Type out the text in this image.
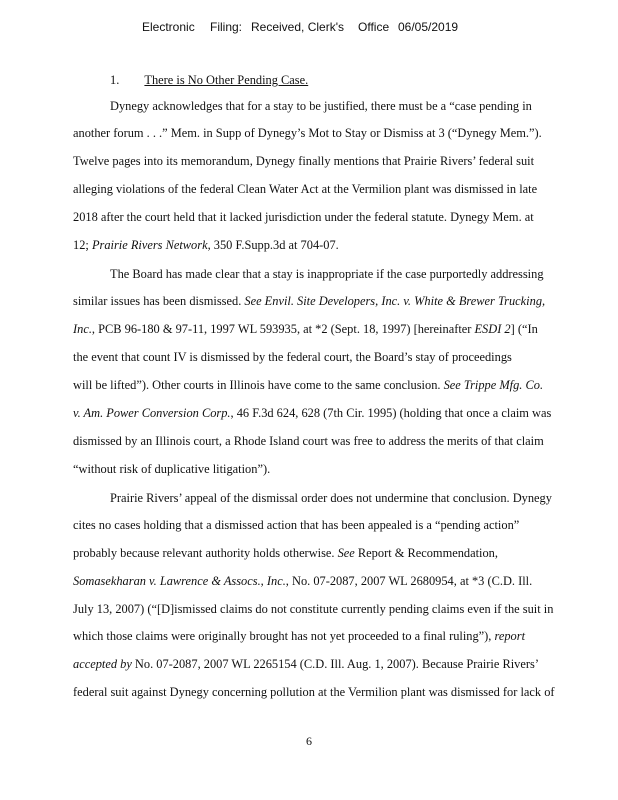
Electronic Filing: Received, Clerk's Office 06/05/2019
1. There is No Other Pending Case.
Dynegy acknowledges that for a stay to be justified, there must be a “case pending in
another forum . . .” Mem. in Supp of Dynegy’s Mot to Stay or Dismiss at 3 (“Dynegy Mem.”).
Twelve pages into its memorandum, Dynegy finally mentions that Prairie Rivers’ federal suit
alleging violations of the federal Clean Water Act at the Vermilion plant was dismissed in late
2018 after the court held that it lacked jurisdiction under the federal statute. Dynegy Mem. at
12; Prairie Rivers Network, 350 F.Supp.3d at 704-07.
The Board has made clear that a stay is inappropriate if the case purportedly addressing
similar issues has been dismissed. See Envil. Site Developers, Inc. v. White & Brewer Trucking,
Inc., PCB 96-180 & 97-11, 1997 WL 593935, at *2 (Sept. 18, 1997) [hereinafter ESDI 2] (“In
the event that count IV is dismissed by the federal court, the Board’s stay of proceedings
will be lifted”). Other courts in Illinois have come to the same conclusion. See Trippe Mfg. Co.
v. Am. Power Conversion Corp., 46 F.3d 624, 628 (7th Cir. 1995) (holding that once a claim was
dismissed by an Illinois court, a Rhode Island court was free to address the merits of that claim
“without risk of duplicative litigation”).
Prairie Rivers’ appeal of the dismissal order does not undermine that conclusion. Dynegy
cites no cases holding that a dismissed action that has been appealed is a “pending action”
probably because relevant authority holds otherwise. See Report & Recommendation,
Somasekharan v. Lawrence & Assocs., Inc., No. 07-2087, 2007 WL 2680954, at *3 (C.D. Ill.
July 13, 2007) (“[D]ismissed claims do not constitute currently pending claims even if the suit in
which those claims were originally brought has not yet proceeded to a final ruling”), report
accepted by No. 07-2087, 2007 WL 2265154 (C.D. Ill. Aug. 1, 2007). Because Prairie Rivers’
federal suit against Dynegy concerning pollution at the Vermilion plant was dismissed for lack of
6
